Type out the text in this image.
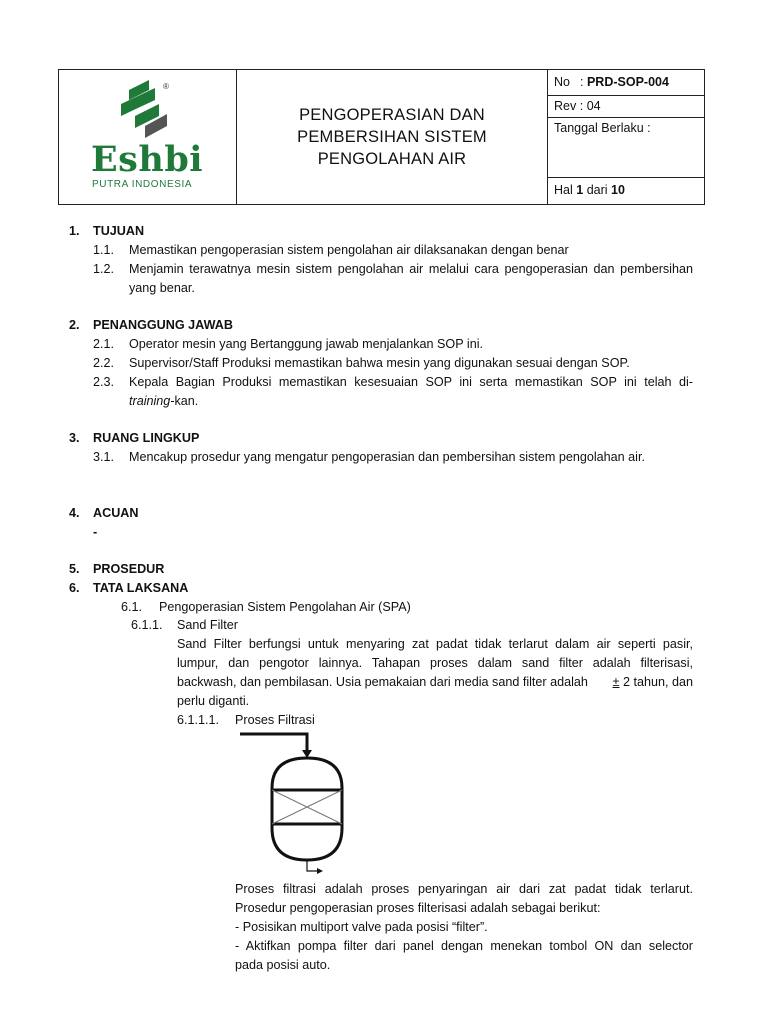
®
Eshbi
PUTRA INDONESIA
PENGOPERASIAN DAN
PEMBERSIHAN SISTEM
PENGOLAHAN AIR
No : PRD-SOP-004
Rev : 04
Tanggal Berlaku :
Hal 1 dari 10
1. TUJUAN
1.1. Memastikan pengoperasian sistem pengolahan air dilaksanakan dengan benar
1.2. Menjamin terawatnya mesin sistem pengolahan air melalui cara pengoperasian dan pembersihan
yang benar.
2. PENANGGUNG JAWAB
2.1. Operator mesin yang Bertanggung jawab menjalankan SOP ini.
2.2. Supervisor/Staff Produksi memastikan bahwa mesin yang digunakan sesuai dengan SOP.
2.3. Kepala Bagian Produksi memastikan kesesuaian SOP ini serta memastikan SOP ini telah di-
training-kan.
3. RUANG LINGKUP
3.1. Mencakup prosedur yang mengatur pengoperasian dan pembersihan sistem pengolahan air.
4. ACUAN
-
5. PROSEDUR
6. TATA LAKSANA
6.1. Pengoperasian Sistem Pengolahan Air (SPA)
6.1.1. Sand Filter
Sand Filter berfungsi untuk menyaring zat padat tidak terlarut dalam air seperti pasir,
lumpur, dan pengotor lainnya. Tahapan proses dalam sand filter adalah filterisasi,
backwash, dan pembilasan. Usia pemakaian dari media sand filter adalah ± 2 tahun, dan
perlu diganti.
6.1.1.1. Proses Filtrasi
Proses filtrasi adalah proses penyaringan air dari zat padat tidak terlarut.
Prosedur pengoperasian proses filterisasi adalah sebagai berikut:
- Posisikan multiport valve pada posisi “filter”.
- Aktifkan pompa filter dari panel dengan menekan tombol ON dan selector
pada posisi auto.
